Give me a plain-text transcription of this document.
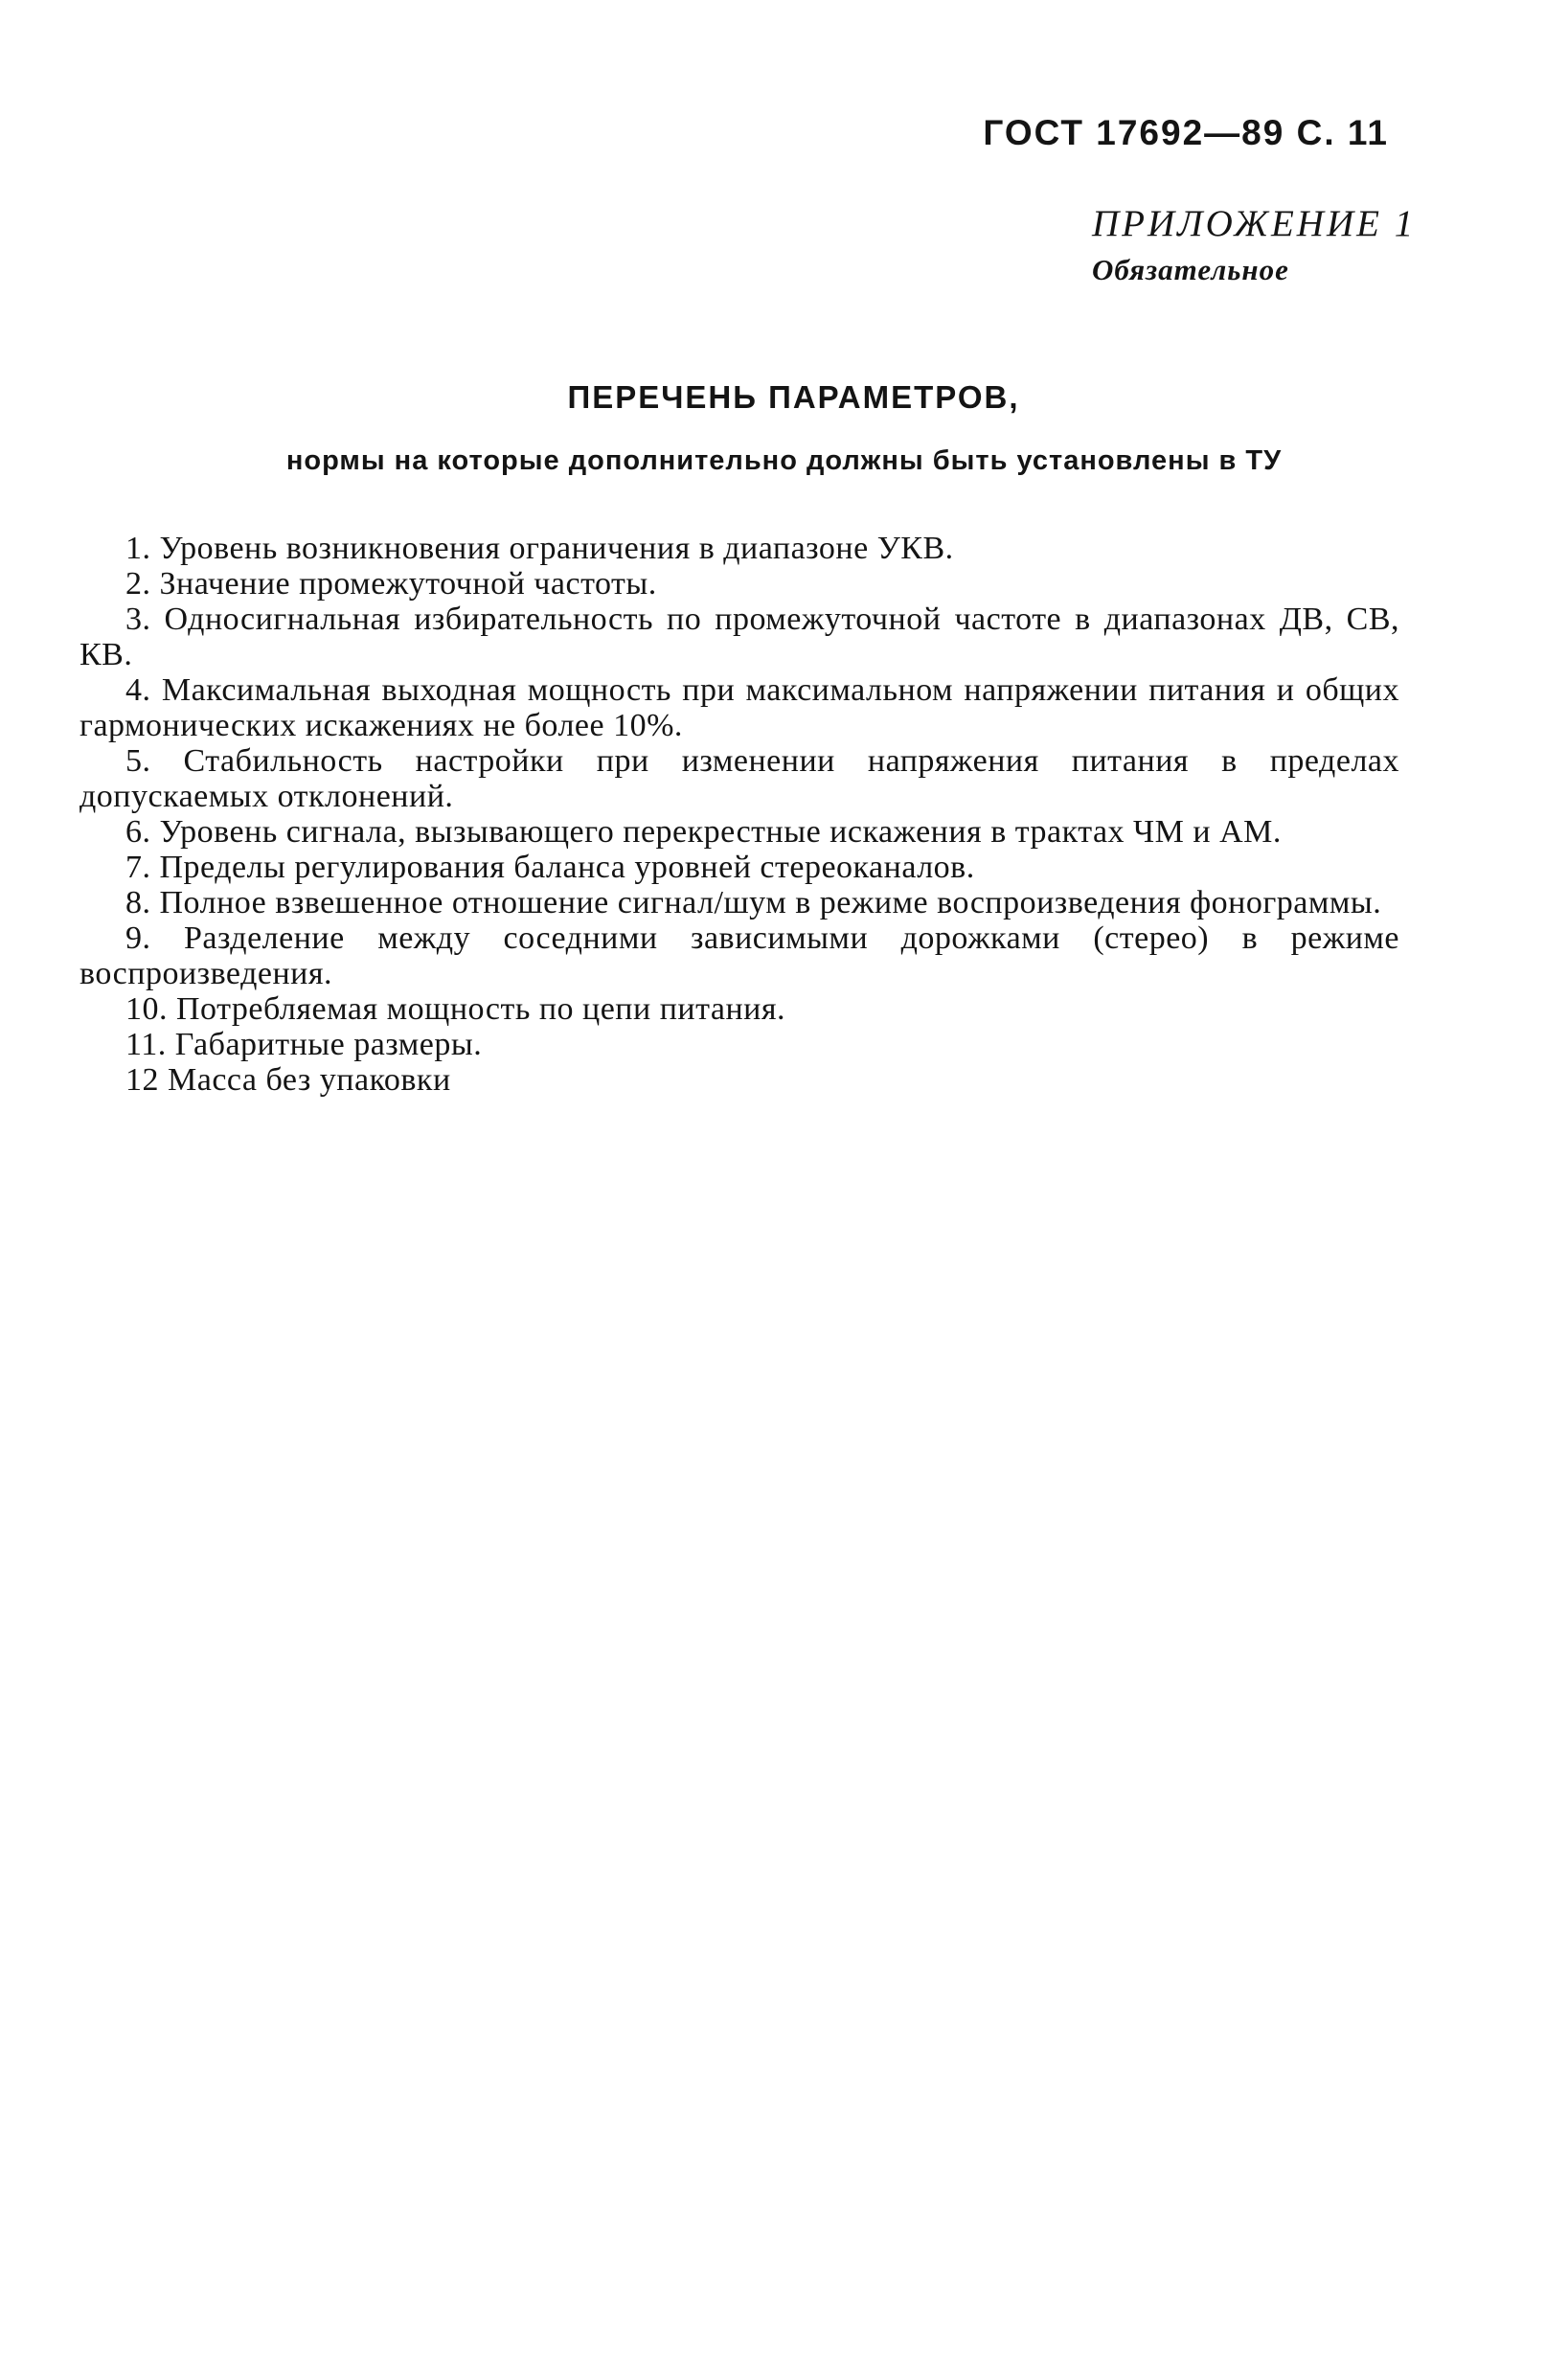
ГОСТ 17692—89 С. 11
ПРИЛОЖЕНИЕ 1
Обязательное
ПЕРЕЧЕНЬ ПАРАМЕТРОВ,
нормы на которые дополнительно должны быть установлены в ТУ

1. Уровень возникновения ограничения в диапазоне УКВ.

2. Значение промежуточной частоты.

3. Односигнальная избирательность по промежуточной частоте в диапазонах ДВ, СВ, КВ.

4. Максимальная выходная мощность при максимальном напряжении питания и общих гармонических искажениях не более 10%.

5. Стабильность настройки при изменении напряжения питания в пределах допускаемых отклонений.

6. Уровень сигнала, вызывающего перекрестные искажения в трактах ЧМ и АМ.

7. Пределы регулирования баланса уровней стереоканалов.

8. Полное взвешенное отношение сигнал/шум в режиме воспроизведения фонограммы.

9. Разделение между соседними зависимыми дорожками (стерео) в режиме воспроизведения.

10. Потребляемая мощность по цепи питания.

11. Габаритные размеры.

12 Масса без упаковки
